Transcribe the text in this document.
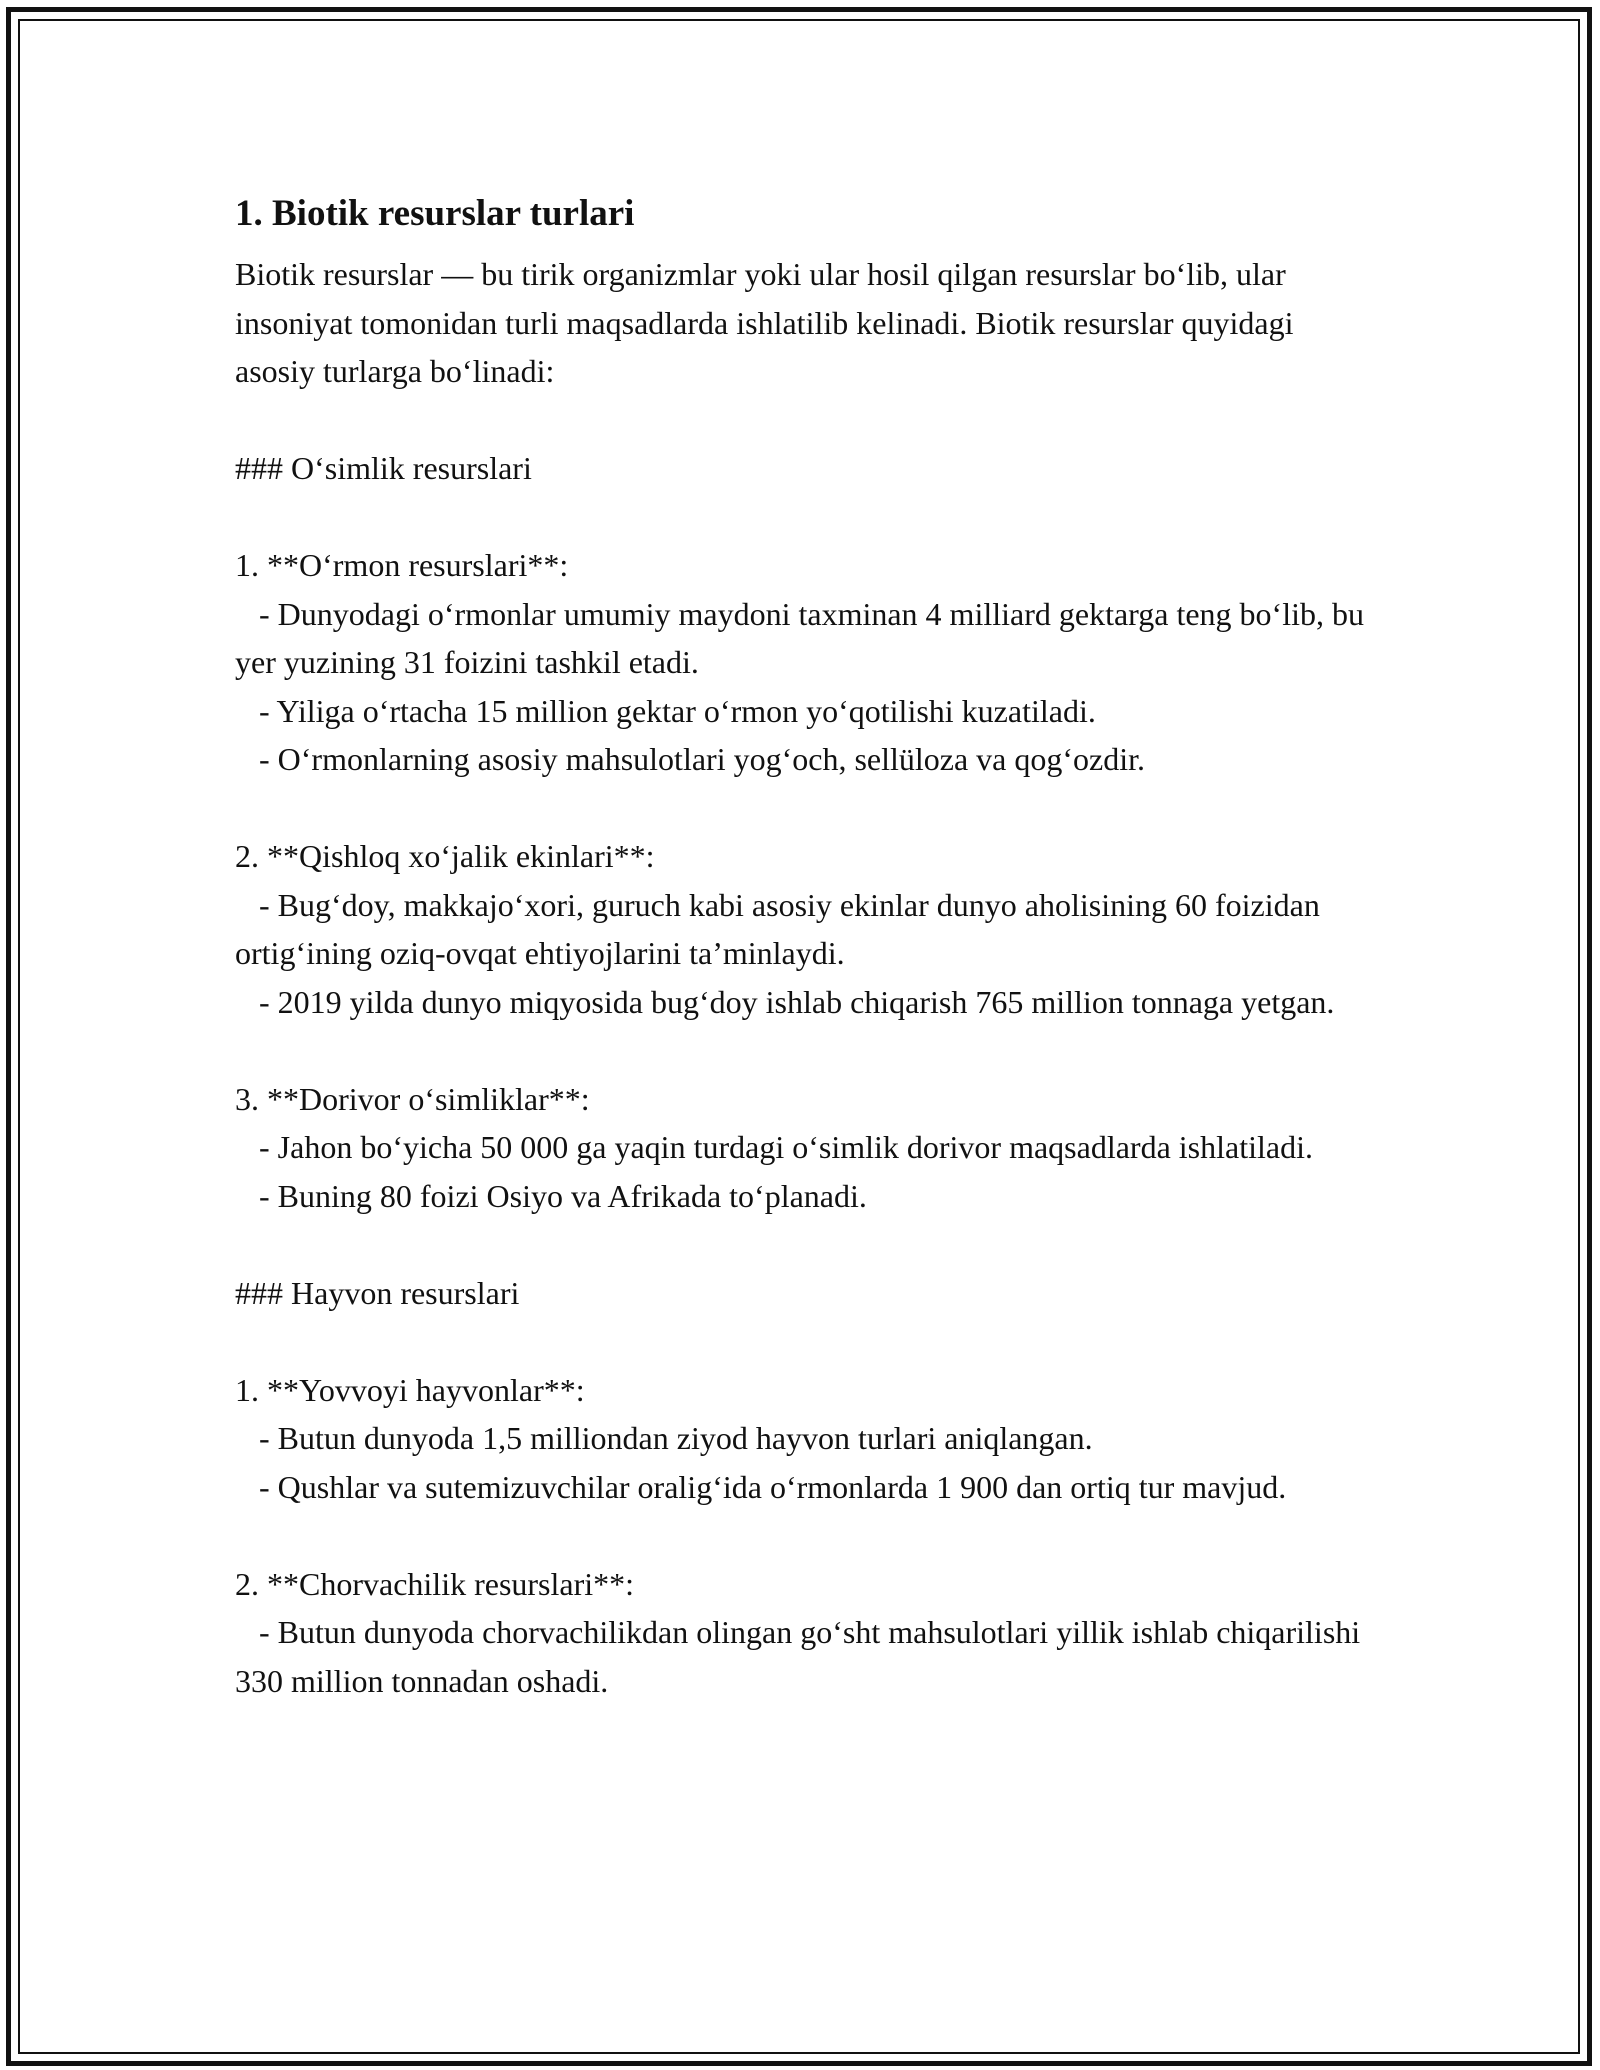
1. Biotik resurslar turlari

Biotik resurslar — bu tirik organizmlar yoki ular hosil qilgan resurslar bo‘lib, ular insoniyat tomonidan turli maqsadlarda ishlatilib kelinadi. Biotik resurslar quyidagi asosiy turlarga bo‘linadi:

### O‘simlik resurslari

1. **O‘rmon resurslari**:

- Dunyodagi o‘rmonlar umumiy maydoni taxminan 4 milliard gektarga teng bo‘lib, bu yer yuzining 31 foizini tashkil etadi.

- Yiliga o‘rtacha 15 million gektar o‘rmon yo‘qotilishi kuzatiladi.

- O‘rmonlarning asosiy mahsulotlari yog‘och, sellüloza va qog‘ozdir.

2. **Qishloq xo‘jalik ekinlari**:

- Bug‘doy, makkajo‘xori, guruch kabi asosiy ekinlar dunyo aholisining 60 foizidan ortig‘ining oziq-ovqat ehtiyojlarini ta’minlaydi.

- 2019 yilda dunyo miqyosida bug‘doy ishlab chiqarish 765 million tonnaga yetgan.

3. **Dorivor o‘simliklar**:

- Jahon bo‘yicha 50 000 ga yaqin turdagi o‘simlik dorivor maqsadlarda ishlatiladi.

- Buning 80 foizi Osiyo va Afrikada to‘planadi.

### Hayvon resurslari

1. **Yovvoyi hayvonlar**:

- Butun dunyoda 1,5 milliondan ziyod hayvon turlari aniqlangan.

- Qushlar va sutemizuvchilar oralig‘ida o‘rmonlarda 1 900 dan ortiq tur mavjud.

2. **Chorvachilik resurslari**:

- Butun dunyoda chorvachilikdan olingan go‘sht mahsulotlari yillik ishlab chiqarilishi 330 million tonnadan oshadi.
